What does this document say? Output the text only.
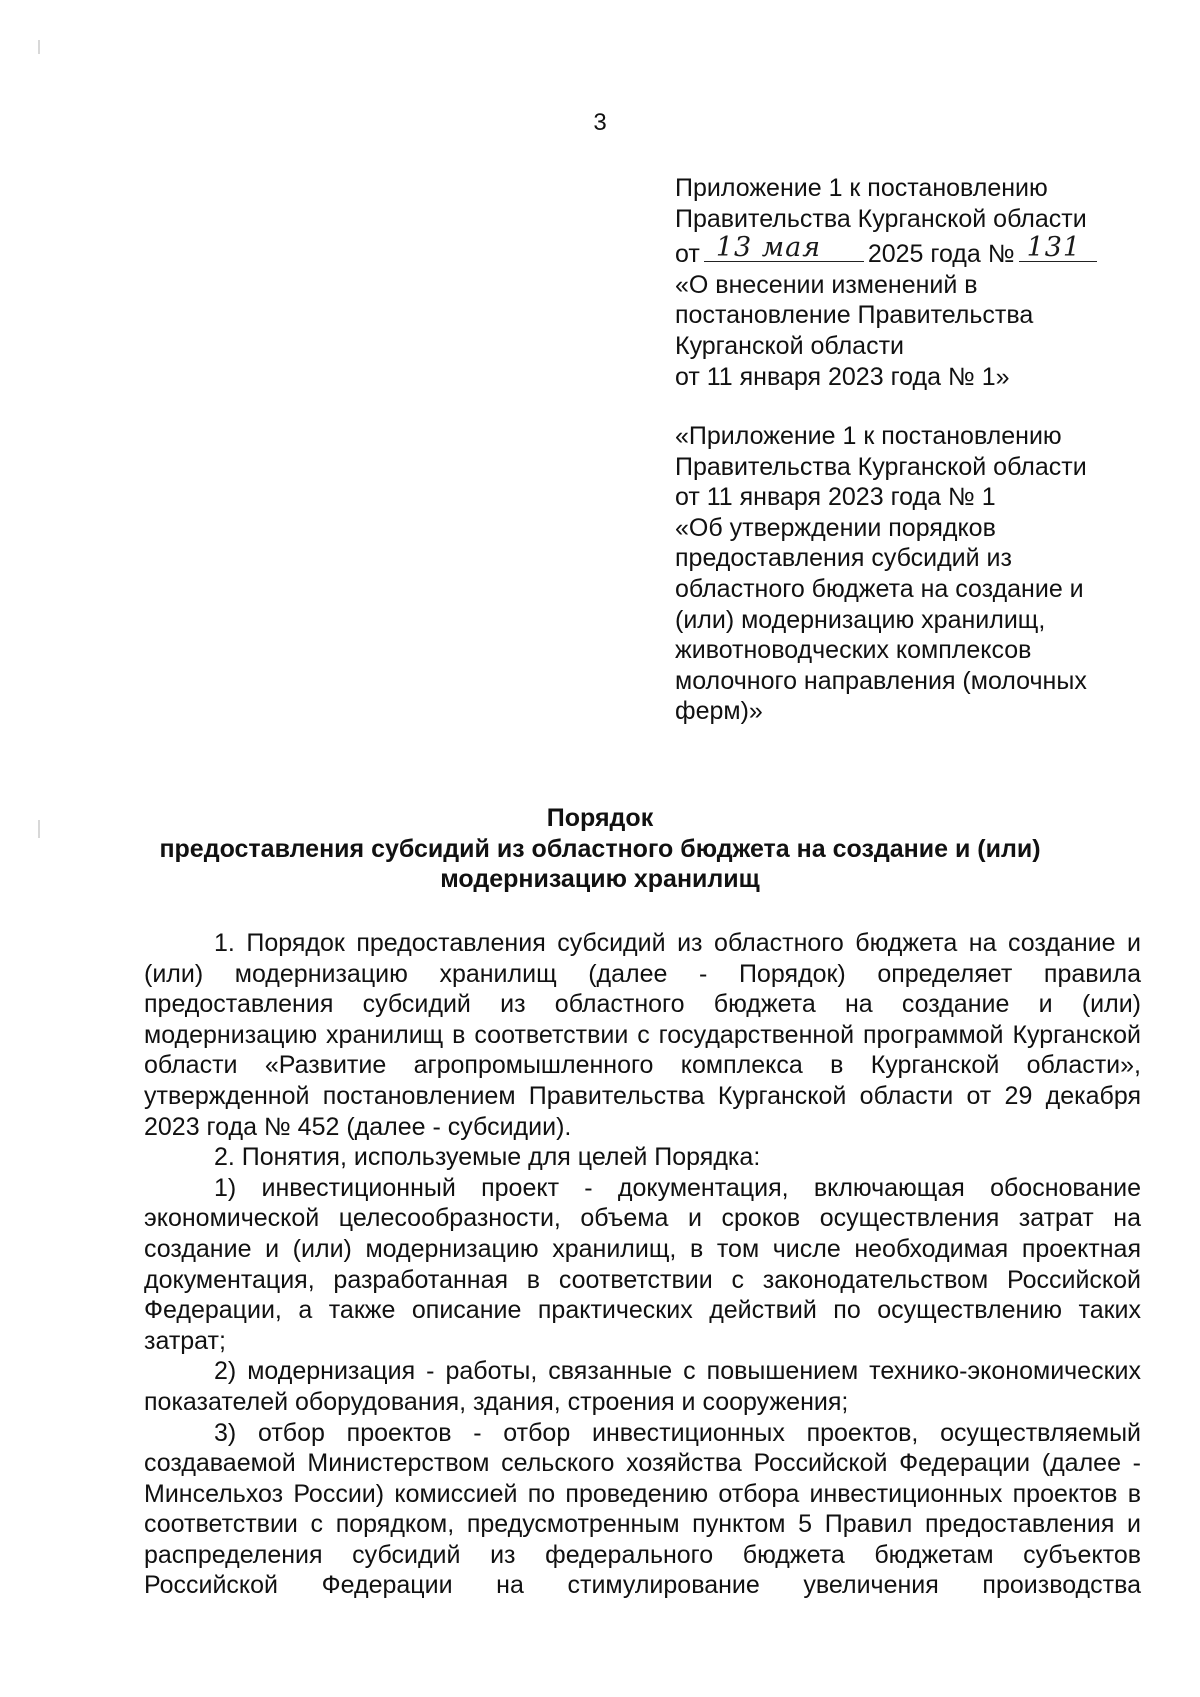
3
Приложение 1 к постановлению
Правительства Курганской области
от 13 мая 2025 года № 131
«О внесении изменений в
постановление Правительства
Курганской области
от 11 января 2023 года № 1»
«Приложение 1 к постановлению
Правительства Курганской области
от 11 января 2023 года № 1
«Об утверждении порядков
предоставления субсидий из
областного бюджета на создание и
(или) модернизацию хранилищ,
животноводческих комплексов
молочного направления (молочных
ферм)»
Порядок
предоставления субсидий из областного бюджета на создание и (или)
модернизацию хранилищ

1. Порядок предоставления субсидий из областного бюджета на создание и (или) модернизацию хранилищ (далее - Порядок) определяет правила предоставления субсидий из областного бюджета на создание и (или) модернизацию хранилищ в соответствии с государственной программой Курганской области «Развитие агропромышленного комплекса в Курганской области», утвержденной постановлением Правительства Курганской области от 29 декабря 2023 года № 452 (далее - субсидии).

2. Понятия, используемые для целей Порядка:

1) инвестиционный проект - документация, включающая обоснование экономической целесообразности, объема и сроков осуществления затрат на создание и (или) модернизацию хранилищ, в том числе необходимая проектная документация, разработанная в соответствии с законодательством Российской Федерации, а также описание практических действий по осуществлению таких затрат;

2) модернизация - работы, связанные с повышением технико-экономических показателей оборудования, здания, строения и сооружения;

3) отбор проектов - отбор инвестиционных проектов, осуществляемый создаваемой Министерством сельского хозяйства Российской Федерации (далее - Минсельхоз России) комиссией по проведению отбора инвестиционных проектов в соответствии с порядком, предусмотренным пунктом 5 Правил предоставления и распределения субсидий из федерального бюджета бюджетам субъектов Российской Федерации на стимулирование увеличения производства
